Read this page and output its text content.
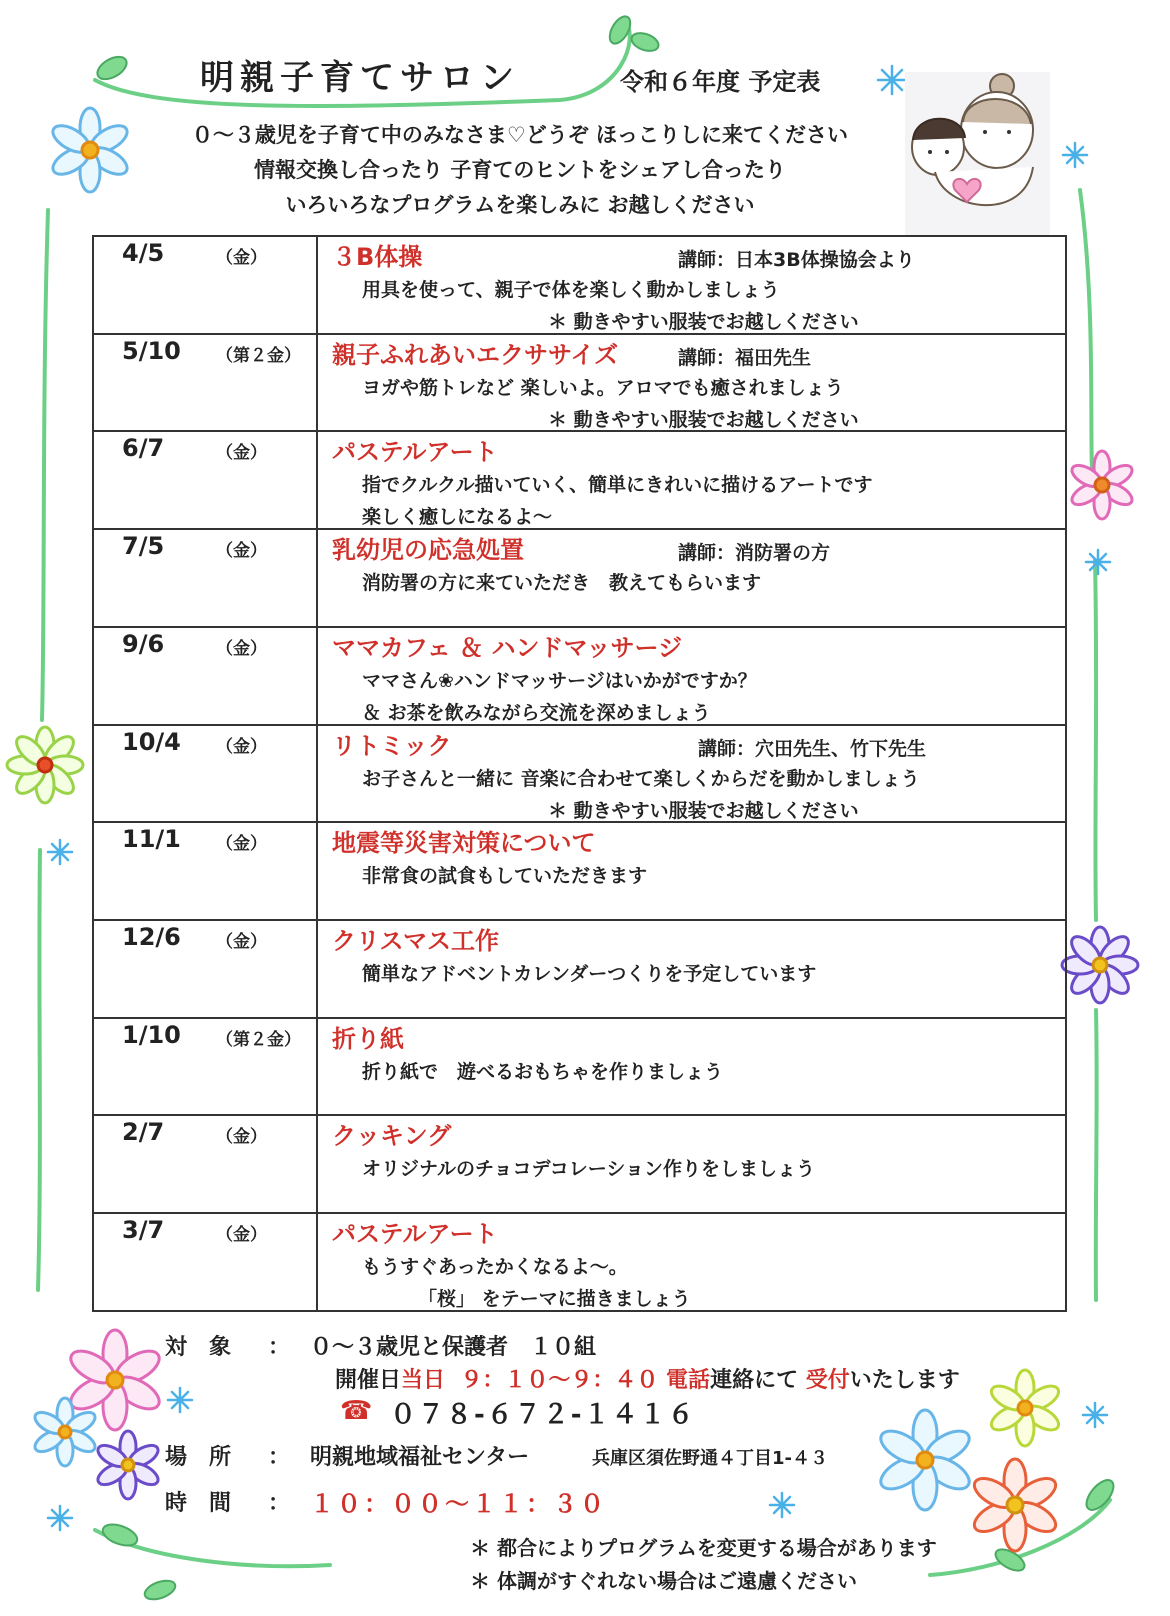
明親子育てサロン	令和６年度 予定表
０～３歳児を子育て中のみなさま♡どうぞ ほっこりしに来てください
情報交換し合ったり 子育てのヒントをシェアし合ったり
いろいろなプログラムを楽しみに お越しください
4/5 （金）	３B体操 講師：日本3B体操協会より
用具を使って、親子で体を楽しく動かしましょう
＊ 動きやすい服装でお越しください

5/10 （第２金）	親子ふれあいエクササイズ 講師：福田先生
ヨガや筋トレなど 楽しいよ。アロマでも癒されましょう
＊ 動きやすい服装でお越しください

6/7 （金）	パステルアート
指でクルクル描いていく、簡単にきれいに描けるアートです
楽しく癒しになるよ～

7/5 （金）	乳幼児の応急処置 講師：消防署の方
消防署の方に来ていただき　教えてもらいます

9/6 （金）	ママカフェ ＆ ハンドマッサージ
ママさん❀ハンドマッサージはいかがですか？
＆ お茶を飲みながら交流を深めましょう

10/4 （金）	リトミック 講師：穴田先生、竹下先生
お子さんと一緒に 音楽に合わせて楽しくからだを動かしましょう
＊ 動きやすい服装でお越しください

11/1 （金）	地震等災害対策について
非常食の試食もしていただきます

12/6 （金）	クリスマス工作
簡単なアドベントカレンダーつくりを予定しています

1/10 （第２金）	折り紙
折り紙で　遊べるおもちゃを作りましょう

2/7 （金）	クッキング
オリジナルのチョコデコレーション作りをしましょう

3/7 （金）	パステルアート
もうすぐあったかくなるよ～。
「桜」 をテーマに描きましょう
対象 ： ０～３歳児と保護者　１０組
開催日当日 ９：１０～９：４０ 電話連絡にて 受付いたします
☎ ０７８-６７２-１４１６
場所 ： 明親地域福祉センター	兵庫区須佐野通４丁目1-４３
時間 ： １０：００～１１：３０
＊ 都合によりプログラムを変更する場合があります
＊ 体調がすぐれない場合はご遠慮ください
